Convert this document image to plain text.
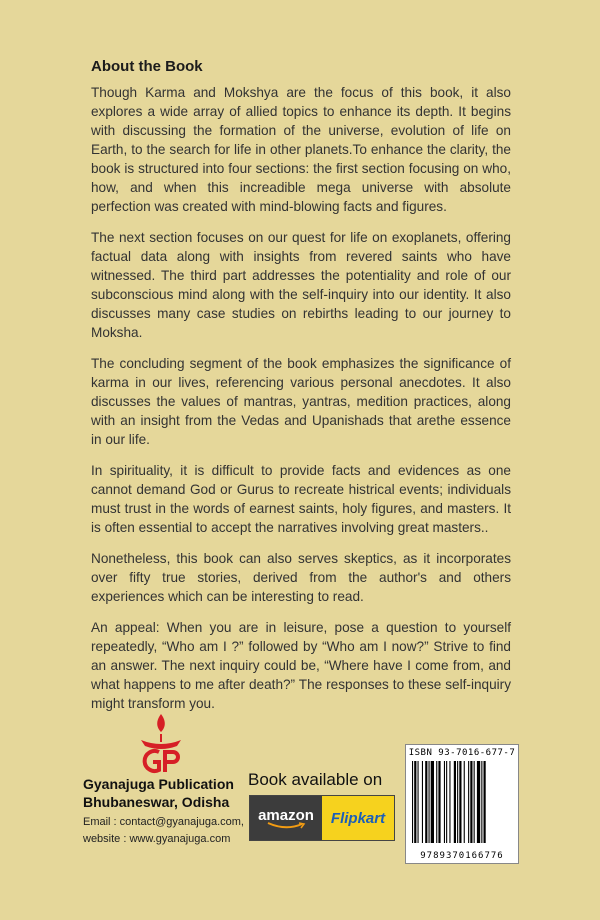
About the Book

Though Karma and Mokshya are the focus of this book, it also explores a wide array of allied topics to enhance its depth. It begins with discussing the formation of the universe, evolution of life on Earth, to the search for life in other planets.To enhance the clarity, the book is structured into four sections: the first section focusing on who, how, and when this increadible mega universe with absolute perfection was created with mind-blowing facts and figures.

The next section focuses on our quest for life on exoplanets, offering factual data along with insights from revered saints who have witnessed. The third part addresses the potentiality and role of our subconscious mind along with the self-inquiry into our identity. It also discusses many case studies on rebirths leading to our journey to Moksha.

The concluding segment of the book emphasizes the significance of karma in our lives, referencing various personal anecdotes. It also discusses the values of mantras, yantras, medition practices, along with an insight from the Vedas and Upanishads that arethe essence in our life.

In spirituality, it is difficult to provide facts and evidences as one cannot demand God or Gurus to recreate histrical events; individuals must trust in the words of earnest saints, holy figures, and masters. It is often essential to accept the narratives involving great masters..

Nonetheless, this book can also serves skeptics, as it incorporates over fifty true stories, derived from the author's and others experiences which can be interesting to read.

An appeal: When you are in leisure, pose a question to yourself repeatedly, “Who am I ?” followed by “Who am I now?” Strive to find an answer. The next inquiry could be, “Where have I come from, and what happens to me after death?” The responses to these self-inquiry might transform you.

Gyanajuga Publication
Bhubaneswar, Odisha
Email : contact@gyanajuga.com,
website : www.gyanajuga.com
Book available on
amazon Flipkart
ISBN 93-7016-677-7
9789370166776
